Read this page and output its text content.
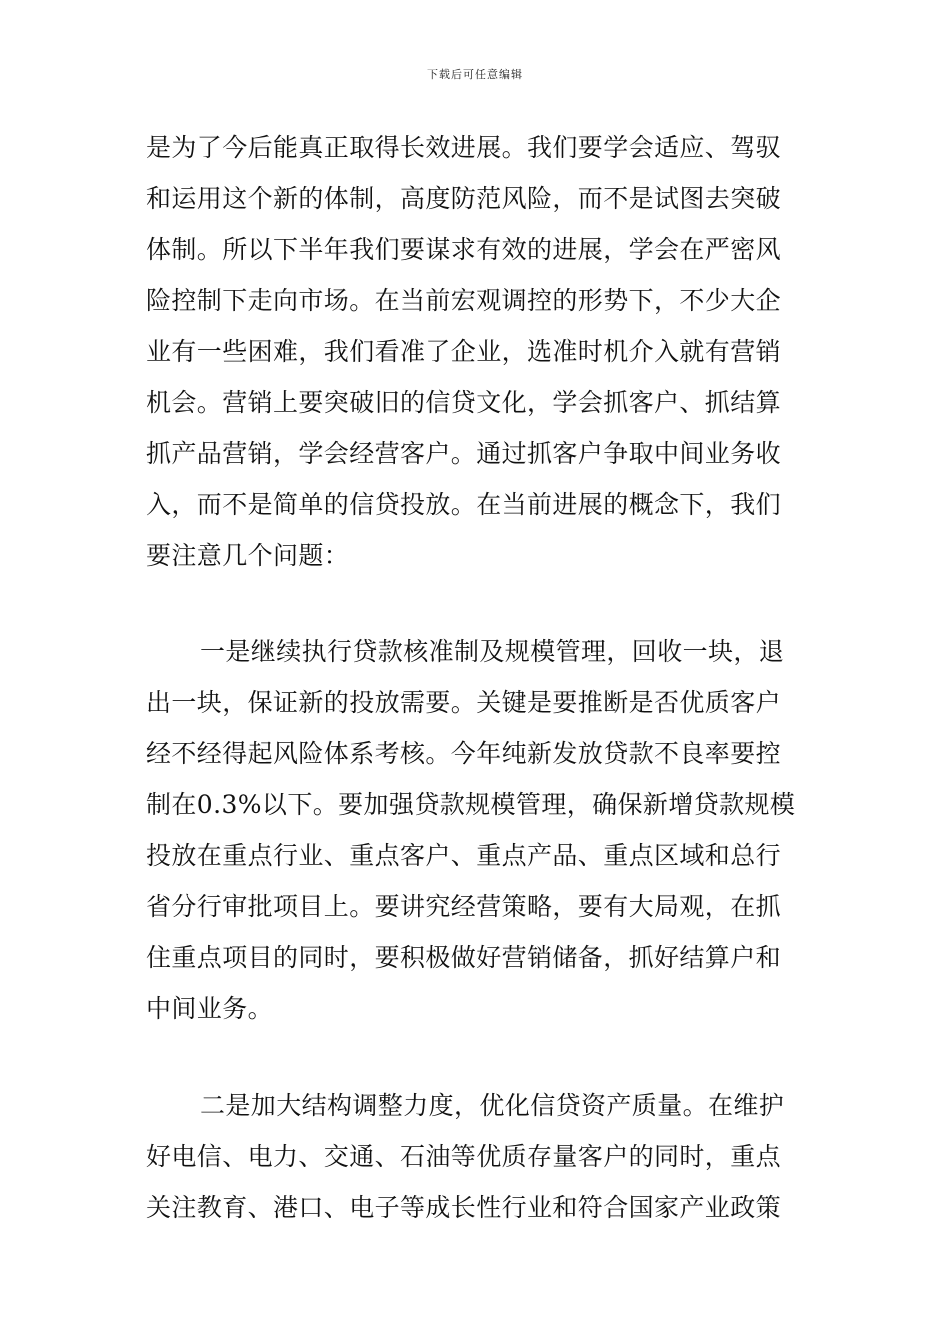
下载后可任意编辑
是为了今后能真正取得长效进展。我们要学会适应、驾驭
和运用这个新的体制，高度防范风险，而不是试图去突破
体制。所以下半年我们要谋求有效的进展，学会在严密风
险控制下走向市场。在当前宏观调控的形势下，不少大企
业有一些困难，我们看准了企业，选准时机介入就有营销
机会。营销上要突破旧的信贷文化，学会抓客户、抓结算
抓产品营销，学会经营客户。通过抓客户争取中间业务收
入，而不是简单的信贷投放。在当前进展的概念下，我们
要注意几个问题：
一是继续执行贷款核准制及规模管理，回收一块，退
出一块，保证新的投放需要。关键是要推断是否优质客户
经不经得起风险体系考核。今年纯新发放贷款不良率要控
制在0.3%以下。要加强贷款规模管理，确保新增贷款规模
投放在重点行业、重点客户、重点产品、重点区域和总行
省分行审批项目上。要讲究经营策略，要有大局观，在抓
住重点项目的同时，要积极做好营销储备，抓好结算户和
中间业务。
二是加大结构调整力度，优化信贷资产质量。在维护
好电信、电力、交通、石油等优质存量客户的同时，重点
关注教育、港口、电子等成长性行业和符合国家产业政策
